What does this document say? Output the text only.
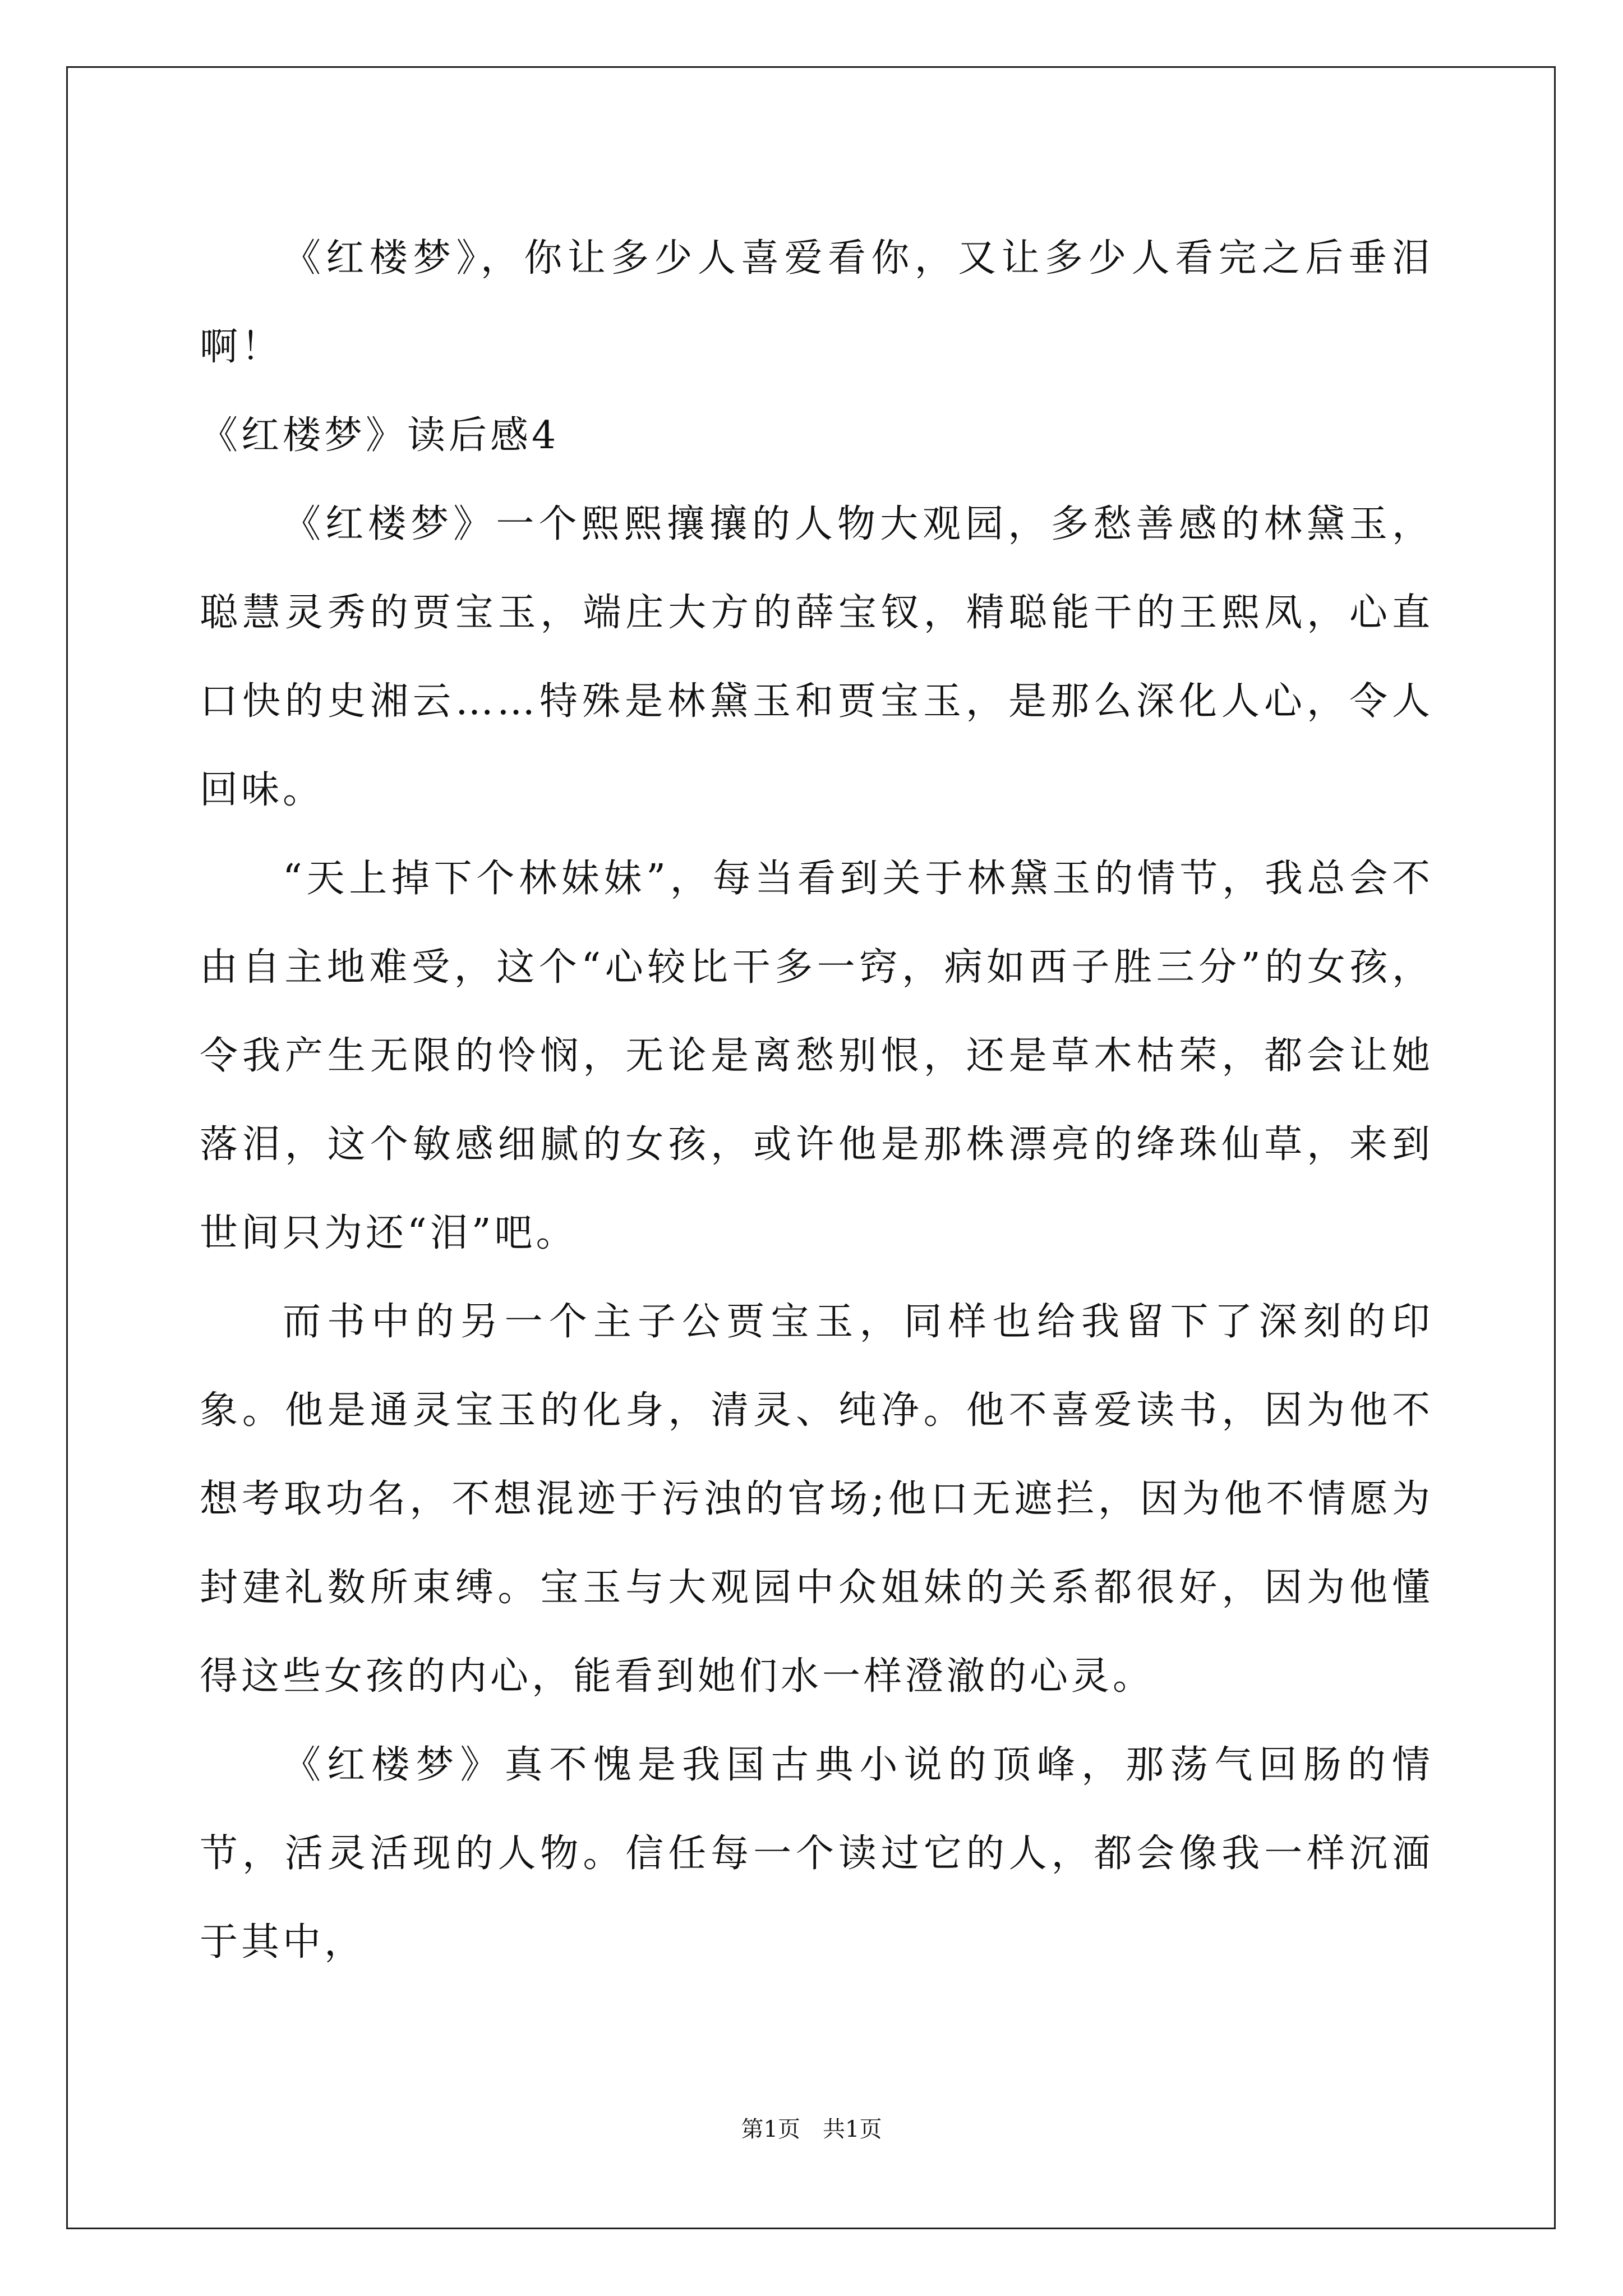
《红楼梦》，你让多少人喜爱看你，又让多少人看完之后垂泪啊！

《红楼梦》读后感4

《红楼梦》一个熙熙攘攘的人物大观园，多愁善感的林黛玉，聪慧灵秀的贾宝玉，端庄大方的薛宝钗，精聪能干的王熙凤，心直口快的史湘云……特殊是林黛玉和贾宝玉，是那么深化人心，令人回味。

“天上掉下个林妹妹”，每当看到关于林黛玉的情节，我总会不由自主地难受，这个“心较比干多一窍，病如西子胜三分”的女孩，令我产生无限的怜悯，无论是离愁别恨，还是草木枯荣，都会让她落泪，这个敏感细腻的女孩，或许他是那株漂亮的绛珠仙草，来到世间只为还“泪”吧。

而书中的另一个主子公贾宝玉，同样也给我留下了深刻的印象。他是通灵宝玉的化身，清灵、纯净。他不喜爱读书，因为他不想考取功名，不想混迹于污浊的官场;他口无遮拦，因为他不情愿为封建礼数所束缚。宝玉与大观园中众姐妹的关系都很好，因为他懂得这些女孩的内心，能看到她们水一样澄澈的心灵。

《红楼梦》真不愧是我国古典小说的顶峰，那荡气回肠的情节，活灵活现的人物。信任每一个读过它的人，都会像我一样沉湎于其中，

第1页 共1页
